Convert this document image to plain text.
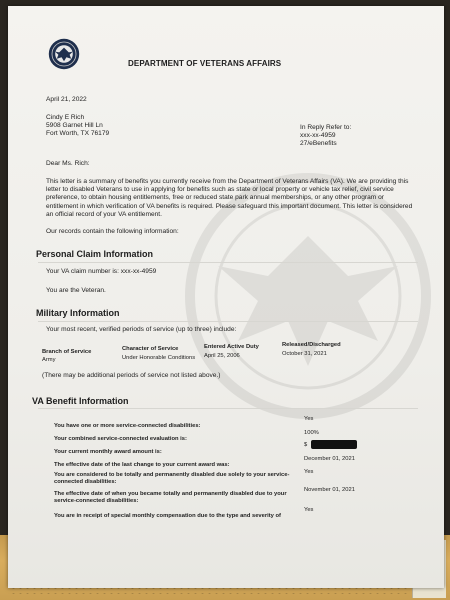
DEPARTMENT OF VETERANS AFFAIRS
April 21, 2022
Cindy E Rich
5908 Garnet Hill Ln
Fort Worth, TX 76179
In Reply Refer to:
xxx-xx-4959
27/eBenefits
Dear Ms. Rich:
This letter is a summary of benefits you currently receive from the Department of Veterans Affairs (VA). We are providing this letter to disabled Veterans to use in applying for benefits such as state or local property or vehicle tax relief, civil service preference, to obtain housing entitlements, free or reduced state park annual memberships, or any other program or entitlement in which verification of VA benefits is required. Please safeguard this important document. This letter is considered an official record of your VA entitlement.
Our records contain the following information:
Personal Claim Information
Your VA claim number is: xxx-xx-4959
You are the Veteran.
Military Information
Your most recent, verified periods of service (up to three) include:
Branch of Service	Character of Service	Entered Active Duty	Released/Discharged
Army	Under Honorable Conditions April 25, 2006	October 31, 2021
(There may be additional periods of service not listed above.)
VA Benefit Information
You have one or more service-connected disabilities:
Yes
Your combined service-connected evaluation is:
100%
Your current monthly award amount is:
$
The effective date of the last change to your current award was:
December 01, 2021
You are considered to be totally and permanently disabled due solely to your service-connected disabilities:
Yes
The effective date of when you became totally and permanently disabled due to your service-connected disabilities:
November 01, 2021
You are in receipt of special monthly compensation due to the type and severity of
Yes
